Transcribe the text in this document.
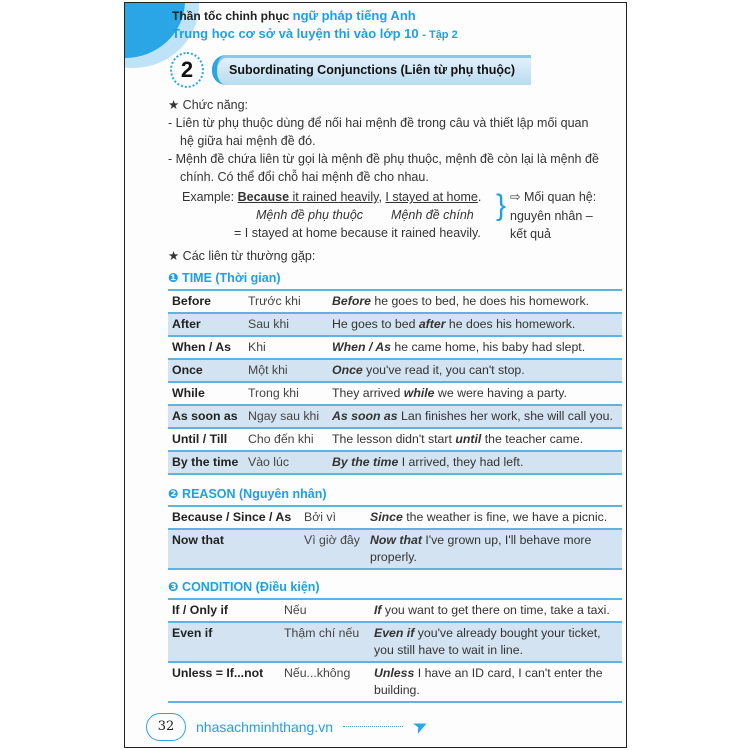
Thần tốc chinh phục ngữ pháp tiếng Anh
Trung học cơ sở và luyện thi vào lớp 10 - Tập 2
2	Subordinating Conjunctions (Liên từ phụ thuộc)
★ Chức năng:
- Liên từ phụ thuộc dùng để nối hai mệnh đề trong câu và thiết lập mối quan
hệ giữa hai mệnh đề đó.
- Mệnh đề chứa liên từ gọi là mệnh đề phụ thuộc, mệnh đề còn lại là mệnh đề
chính. Có thể đổi chỗ hai mệnh đề cho nhau.
Example: Because it rained heavily, I stayed at home.
Mệnh đề phụ thuộc Mệnh đề chính
= I stayed at home because it rained heavily.
} ⇨ Mối quan hệ:
nguyên nhân –
kết quả
★ Các liên từ thường gặp:
❶ TIME (Thời gian)
Before	Trước khi	Before he goes to bed, he does his homework.
After	Sau khi	He goes to bed after he does his homework.
When / As	Khi	When / As he came home, his baby had slept.
Once	Một khi	Once you've read it, you can't stop.
While	Trong khi	They arrived while we were having a party.
As soon as	Ngay sau khi	As soon as Lan finishes her work, she will call you.
Until / Till	Cho đến khi	The lesson didn't start until the teacher came.
By the time	Vào lúc	By the time I arrived, they had left.
❷ REASON (Nguyên nhân)
Because / Since / As	Bởi vì	Since the weather is fine, we have a picnic.
Now that	Vì giờ đây	Now that I've grown up, I'll behave more properly.
❸ CONDITION (Điều kiện)
If / Only if	Nếu	If you want to get there on time, take a taxi.
Even if	Thậm chí nếu	Even if you've already bought your ticket, you still have to wait in line.
Unless = If...not	Nếu...không	Unless I have an ID card, I can't enter the building.
32	nhasachminhthang.vn	➤
